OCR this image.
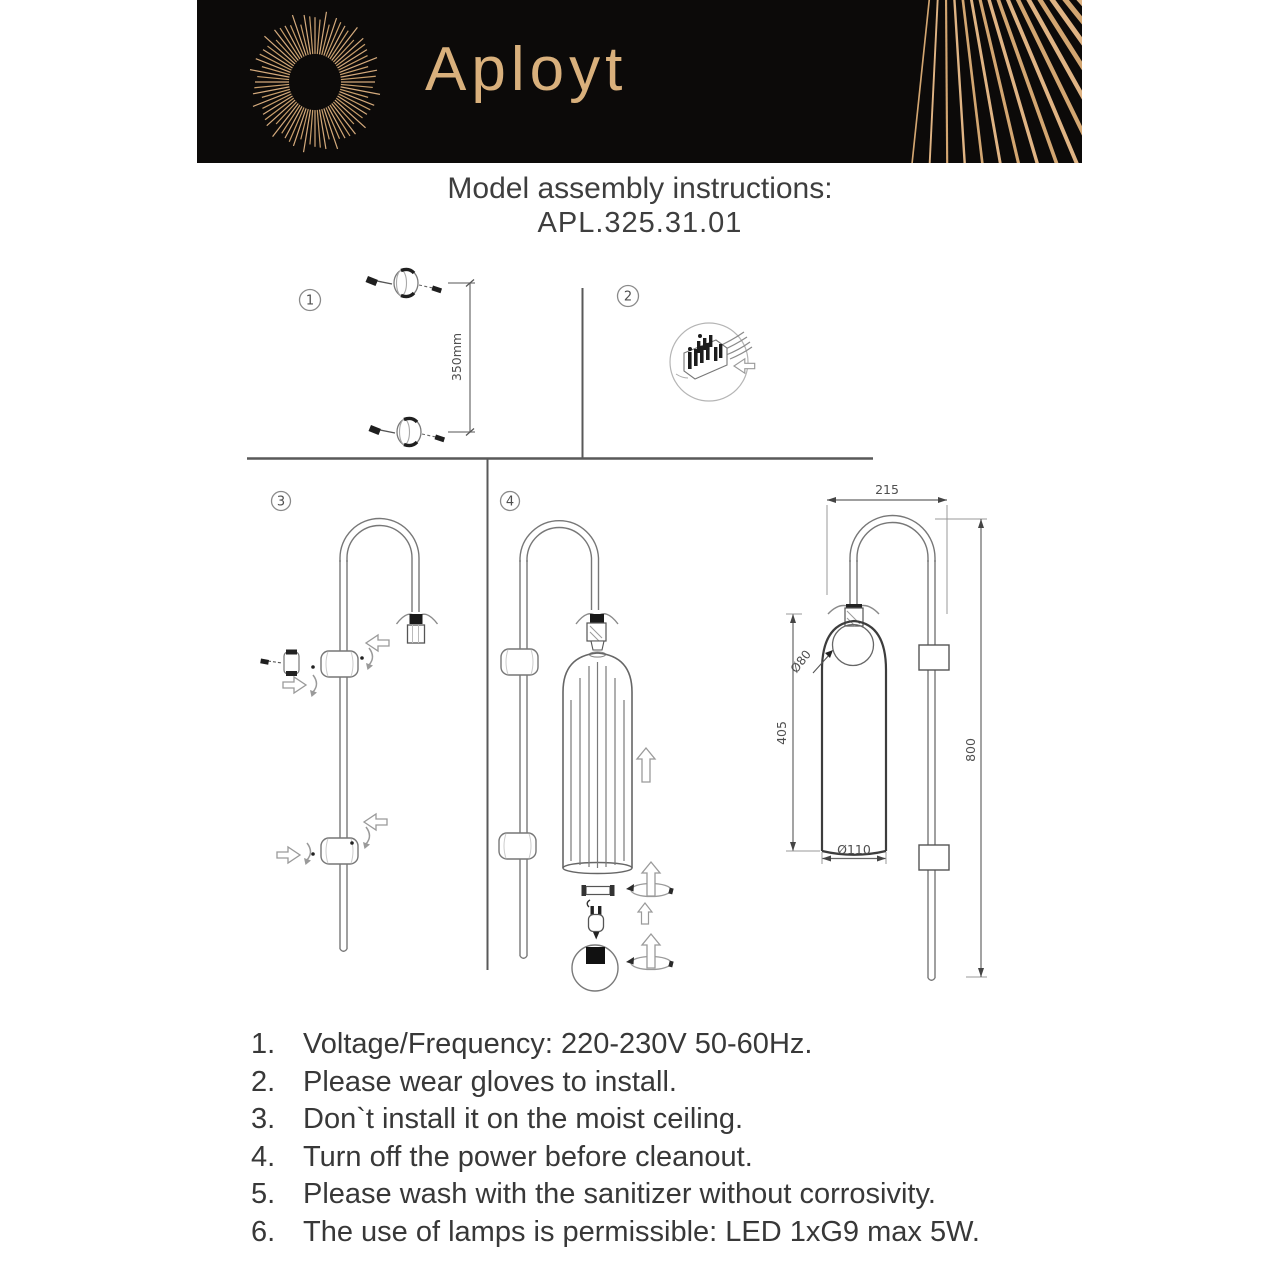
Aployt
Model assembly instructions:
APL.325.31.01
1	2
3	4
350mm
215
405
Ø80
Ø110
800
1. Voltage/Frequency: 220-230V 50-60Hz.
2. Please wear gloves to install.
3. Don`t install it on the moist ceiling.
4. Turn off the power before cleanout.
5. Please wash with the sanitizer without corrosivity.
6. The use of lamps is permissible: LED 1xG9 max 5W.
